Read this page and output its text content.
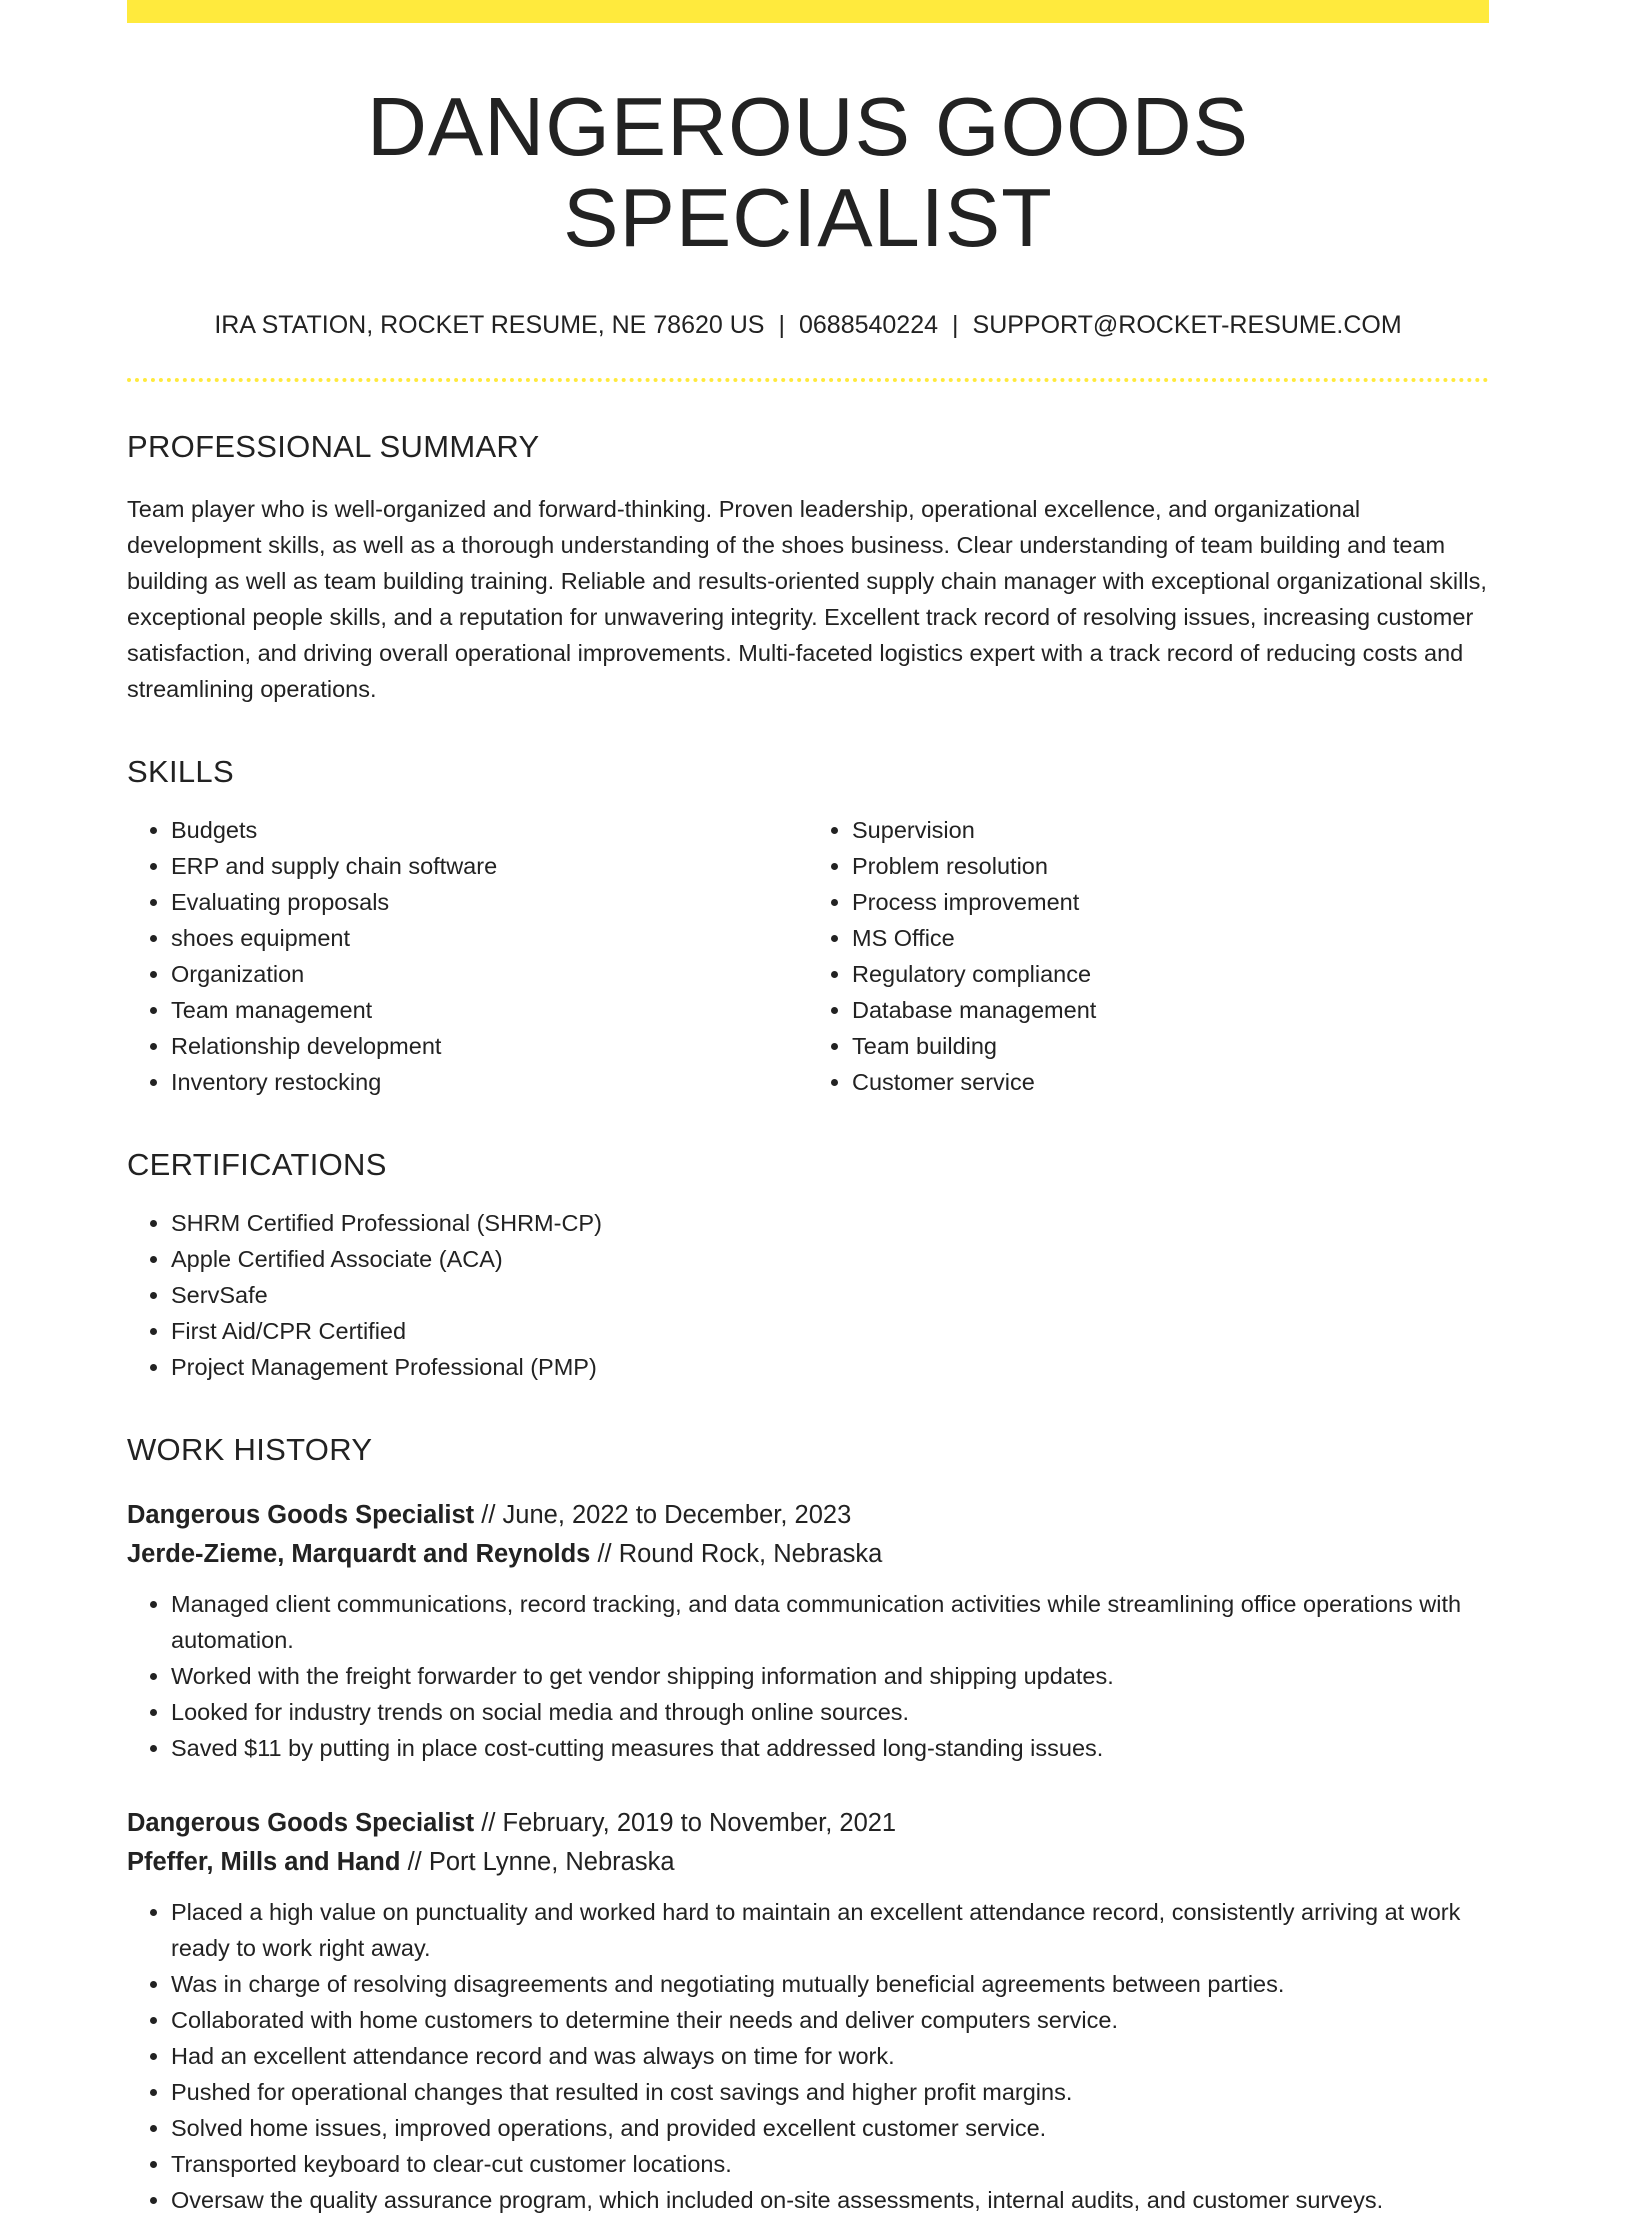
DANGEROUS GOODS SPECIALIST
IRA STATION, ROCKET RESUME, NE 78620 US | 0688540224 | SUPPORT@ROCKET-RESUME.COM
PROFESSIONAL SUMMARY

Team player who is well-organized and forward-thinking. Proven leadership, operational excellence, and organizational development skills, as well as a thorough understanding of the shoes business. Clear understanding of team building and team building as well as team building training. Reliable and results-oriented supply chain manager with exceptional organizational skills, exceptional people skills, and a reputation for unwavering integrity. Excellent track record of resolving issues, increasing customer satisfaction, and driving overall operational improvements. Multi-faceted logistics expert with a track record of reducing costs and streamlining operations.

SKILLS
• Budgets
• ERP and supply chain software
• Evaluating proposals
• shoes equipment
• Organization
• Team management
• Relationship development
• Inventory restocking
• Supervision
• Problem resolution
• Process improvement
• MS Office
• Regulatory compliance
• Database management
• Team building
• Customer service
CERTIFICATIONS
• SHRM Certified Professional (SHRM-CP)
• Apple Certified Associate (ACA)
• ServSafe
• First Aid/CPR Certified
• Project Management Professional (PMP)
WORK HISTORY
Dangerous Goods Specialist // June, 2022 to December, 2023
Jerde-Zieme, Marquardt and Reynolds // Round Rock, Nebraska
• Managed client communications, record tracking, and data communication activities while streamlining office operations with automation.
• Worked with the freight forwarder to get vendor shipping information and shipping updates.
• Looked for industry trends on social media and through online sources.
• Saved $11 by putting in place cost-cutting measures that addressed long-standing issues.
Dangerous Goods Specialist // February, 2019 to November, 2021
Pfeffer, Mills and Hand // Port Lynne, Nebraska
• Placed a high value on punctuality and worked hard to maintain an excellent attendance record, consistently arriving at work ready to work right away.
• Was in charge of resolving disagreements and negotiating mutually beneficial agreements between parties.
• Collaborated with home customers to determine their needs and deliver computers service.
• Had an excellent attendance record and was always on time for work.
• Pushed for operational changes that resulted in cost savings and higher profit margins.
• Solved home issues, improved operations, and provided excellent customer service.
• Transported keyboard to clear-cut customer locations.
• Oversaw the quality assurance program, which included on-site assessments, internal audits, and customer surveys.
